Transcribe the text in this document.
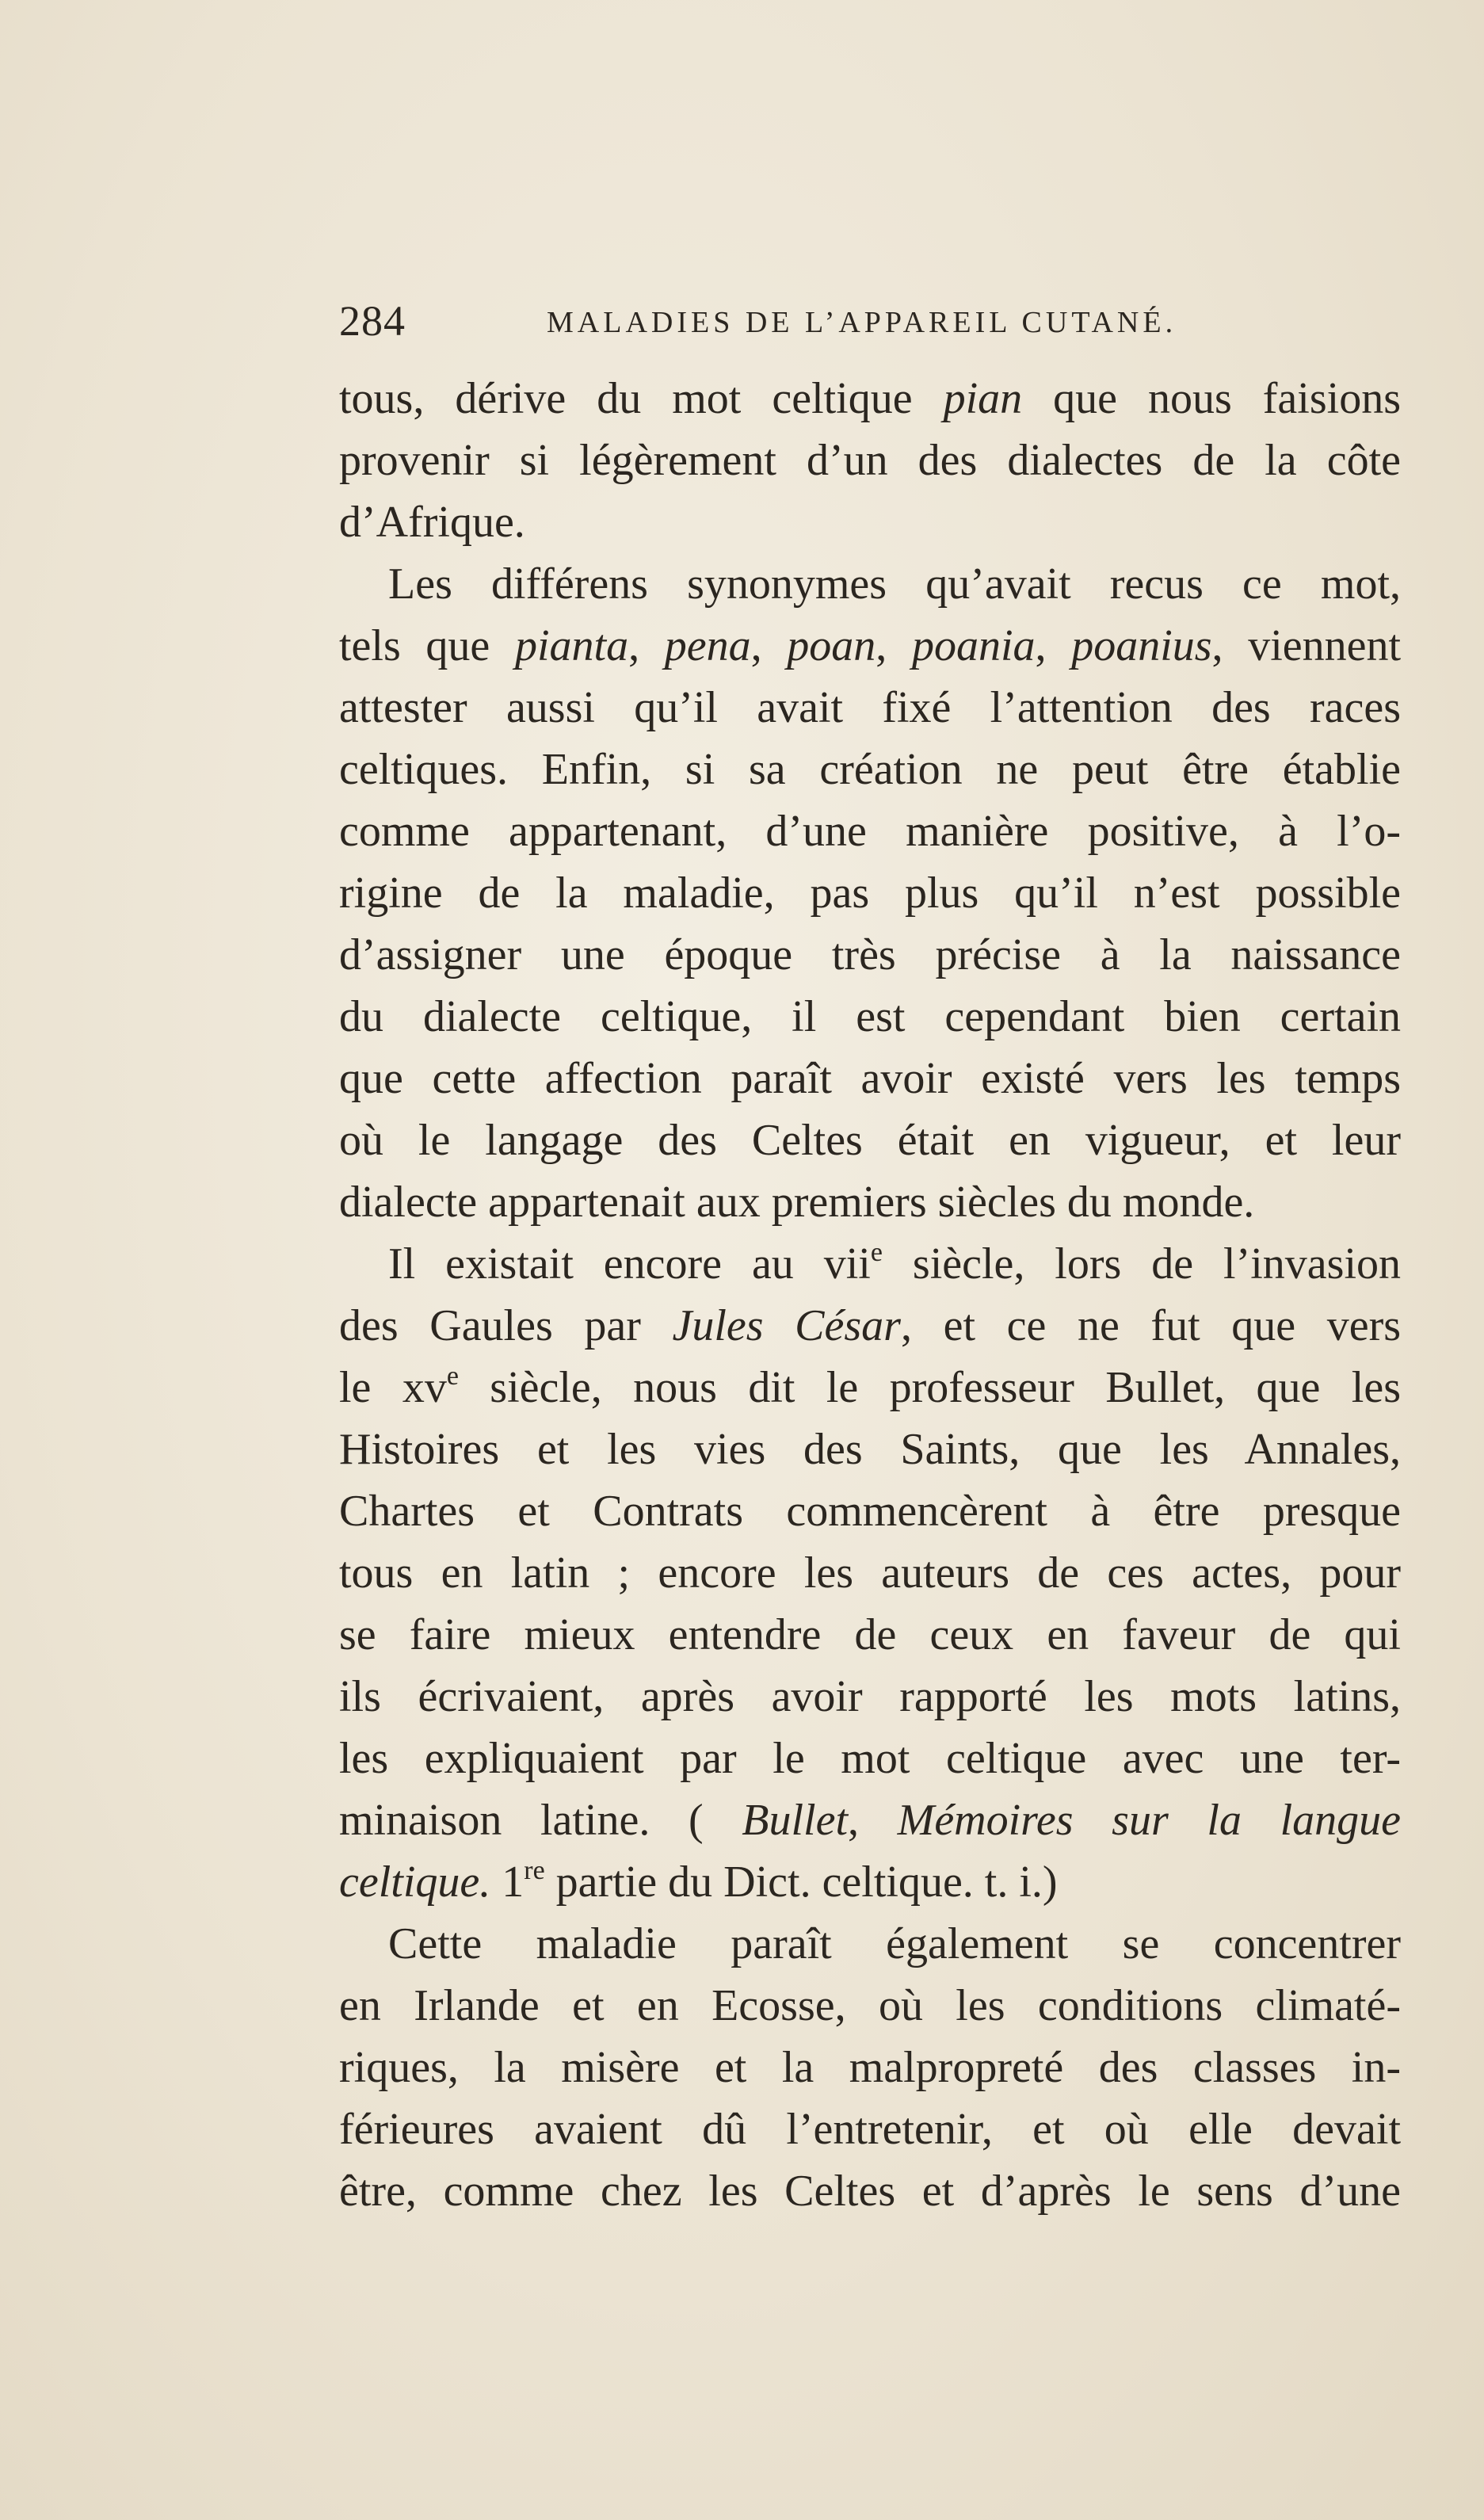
284	MALADIES DE L’APPAREIL CUTANÉ.
tous, dérive du mot celtique pian que nous faisions
provenir si légèrement d’un des dialectes de la côte
d’Afrique.
Les différens synonymes qu’avait recus ce mot,
tels que pianta, pena, poan, poania, poanius, viennent
attester aussi qu’il avait fixé l’attention des races
celtiques. Enfin, si sa création ne peut être établie
comme appartenant, d’une manière positive, à l’o-
rigine de la maladie, pas plus qu’il n’est possible
d’assigner une époque très précise à la naissance
du dialecte celtique, il est cependant bien certain
que cette affection paraît avoir existé vers les temps
où le langage des Celtes était en vigueur, et leur
dialecte appartenait aux premiers siècles du monde.
Il existait encore au vii$^e$ siècle, lors de l’invasion
des Gaules par Jules César, et ce ne fut que vers
le $xv^e$ siècle, nous dit le professeur Bullet, que les
Histoires et les vies des Saints, que les Annales,
Chartes et Contrats commencèrent à être presque
tous en latin ; encore les auteurs de ces actes, pour
se faire mieux entendre de ceux en faveur de qui
ils écrivaient, après avoir rapporté les mots latins,
les expliquaient par le mot celtique avec une ter-
minaison latine. ( Bullet, Mémoires sur la langue
celtique. 1re partie du Dict. celtique. t. i.)
Cette maladie paraît également se concentrer
en Irlande et en Ecosse, où les conditions climaté-
riques, la misère et la malpropreté des classes in-
férieures avaient dû l’entretenir, et où elle devait
être, comme chez les Celtes et d’après le sens d’une
